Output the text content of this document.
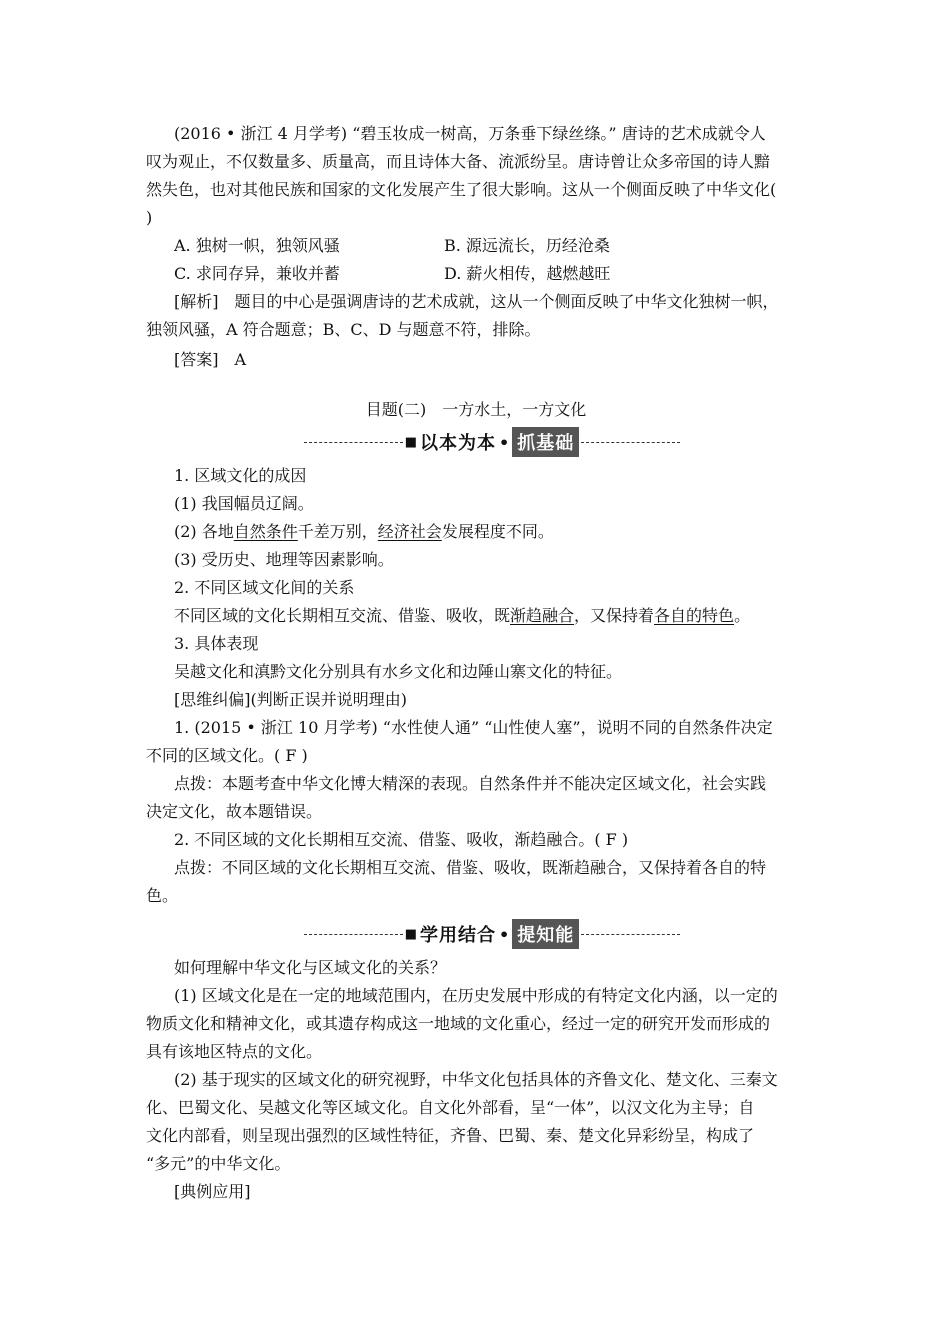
(2016 • 浙江 4 月学考) “碧玉妆成一树高，万条垂下绿丝绦。” 唐诗的艺术成就令人
叹为观止，不仅数量多、质量高，而且诗体大备、流派纷呈。唐诗曾让众多帝国的诗人黯
然失色，也对其他民族和国家的文化发展产生了很大影响。这从一个侧面反映了中华文化(
)
A. 独树一帜，独领风骚	B. 源远流长，历经沧桑
C. 求同存异，兼收并蓄	D. 薪火相传，越燃越旺
[解析]　题目的中心是强调唐诗的艺术成就，这从一个侧面反映了中华文化独树一帜，
独领风骚，A 符合题意；B、C、D 与题意不符，排除。
[答案]　A
目题(二)　一方水土，一方文化
■ 以本为本 • 抓基础
1. 区域文化的成因
(1) 我国幅员辽阔。
(2) 各地自然条件千差万别，经济社会发展程度不同。
(3) 受历史、地理等因素影响。
2. 不同区域文化间的关系
不同区域的文化长期相互交流、借鉴、吸收，既渐趋融合，又保持着各自的特色。
3. 具体表现
吴越文化和滇黔文化分别具有水乡文化和边陲山寨文化的特征。
[思维纠偏](判断正误并说明理由)
1. (2015 • 浙江 10 月学考) “水性使人通” “山性使人塞”，说明不同的自然条件决定
不同的区域文化。( F )
点拨：本题考查中华文化博大精深的表现。自然条件并不能决定区域文化，社会实践
决定文化，故本题错误。
2. 不同区域的文化长期相互交流、借鉴、吸收，渐趋融合。( F )
点拨：不同区域的文化长期相互交流、借鉴、吸收，既渐趋融合，又保持着各自的特
色。
■ 学用结合 • 提知能
如何理解中华文化与区域文化的关系？
(1) 区域文化是在一定的地域范围内，在历史发展中形成的有特定文化内涵，以一定的
物质文化和精神文化，或其遗存构成这一地域的文化重心，经过一定的研究开发而形成的
具有该地区特点的文化。
(2) 基于现实的区域文化的研究视野，中华文化包括具体的齐鲁文化、楚文化、三秦文
化、巴蜀文化、吴越文化等区域文化。自文化外部看，呈“一体”，以汉文化为主导；自
文化内部看，则呈现出强烈的区域性特征，齐鲁、巴蜀、秦、楚文化异彩纷呈，构成了
“多元”的中华文化。
[典例应用]
